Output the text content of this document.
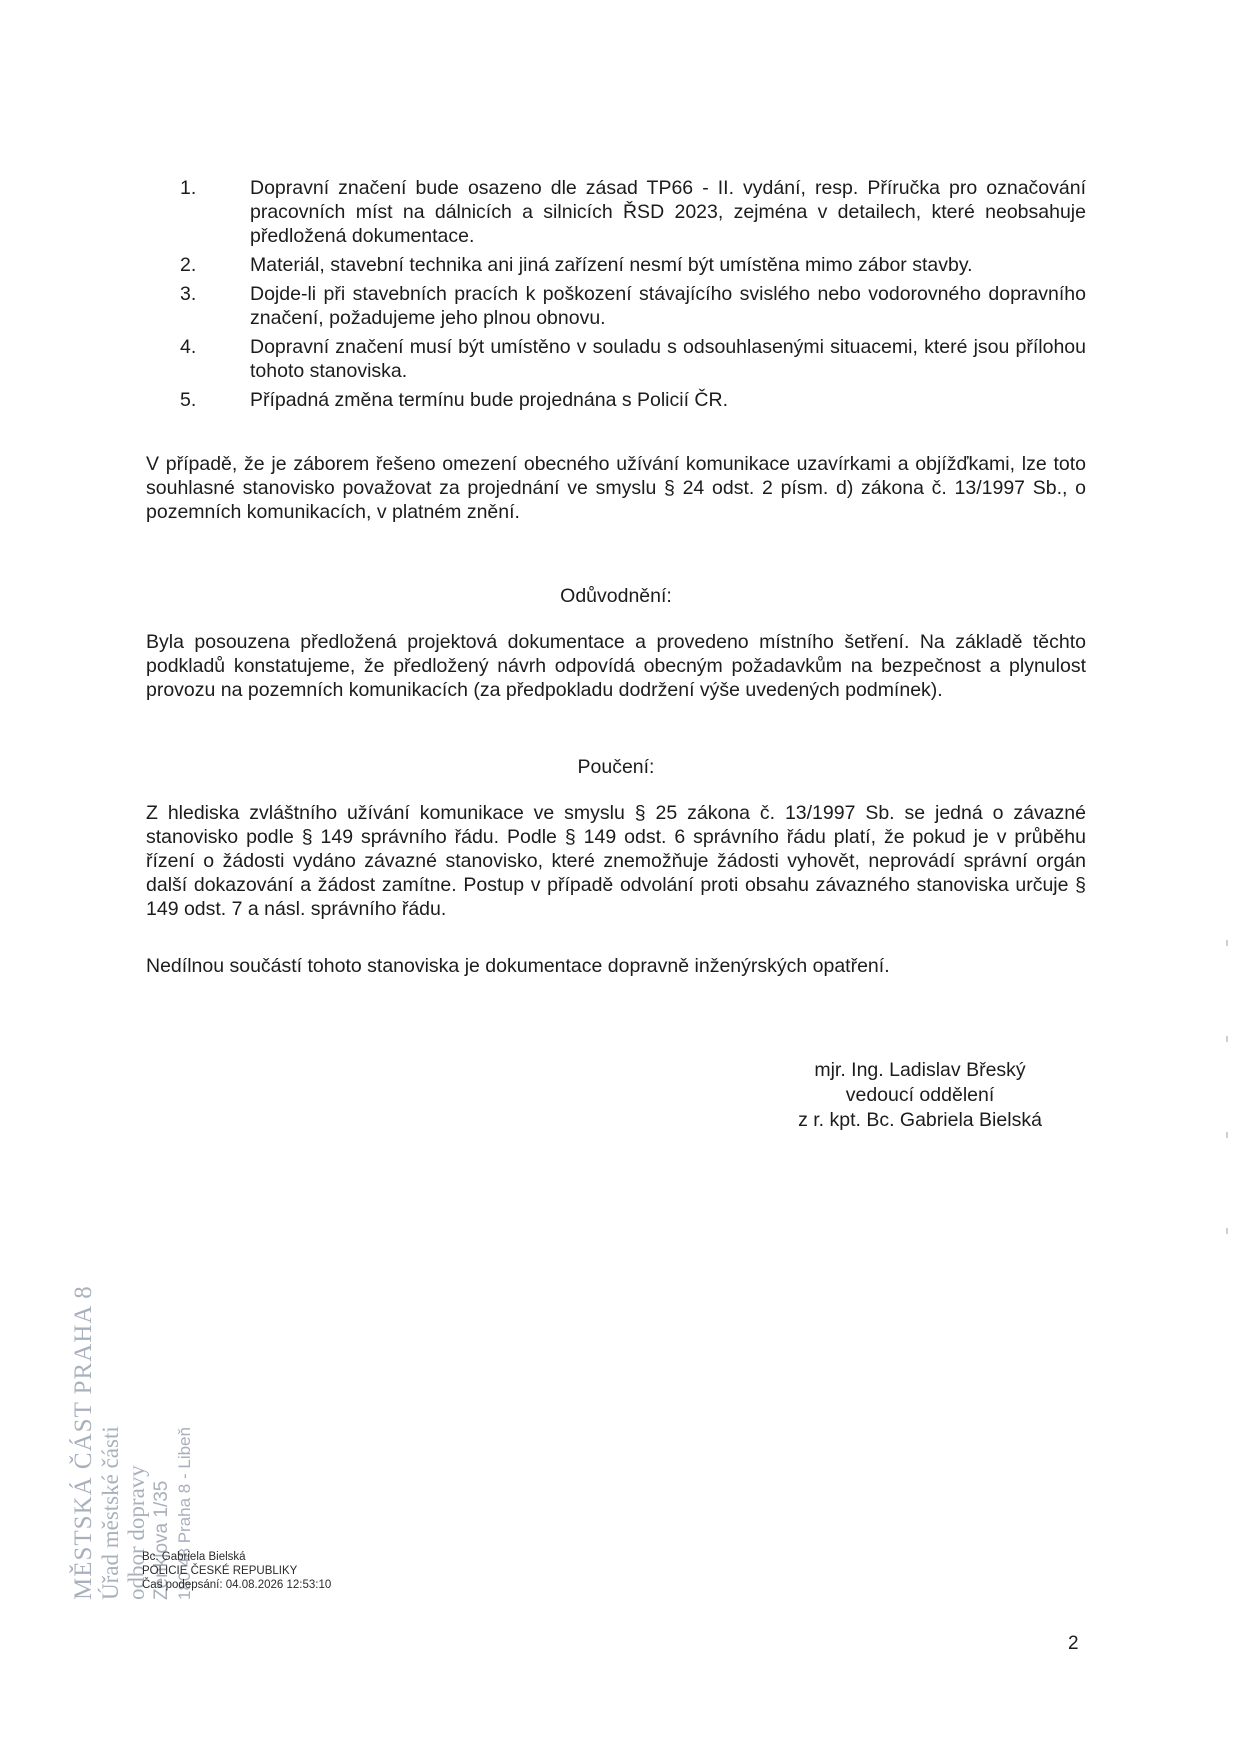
1.	Dopravní značení bude osazeno dle zásad TP66 - II. vydání, resp. Příručka pro označování pracovních míst na dálnicích a silnicích ŘSD 2023, zejména v detailech, které neobsahuje předložená dokumentace.
2.	Materiál, stavební technika ani jiná zařízení nesmí být umístěna mimo zábor stavby.
3.	Dojde-li při stavebních pracích k poškození stávajícího svislého nebo vodorovného dopravního značení, požadujeme jeho plnou obnovu.
4.	Dopravní značení musí být umístěno v souladu s odsouhlasenými situacemi, které jsou přílohou tohoto stanoviska.
5.	Případná změna termínu bude projednána s Policií ČR.

V případě, že je záborem řešeno omezení obecného užívání komunikace uzavírkami a objížďkami, lze toto souhlasné stanovisko považovat za projednání ve smyslu § 24 odst. 2 písm. d) zákona č. 13/1997 Sb., o pozemních komunikacích, v platném znění.

Odůvodnění:

Byla posouzena předložená projektová dokumentace a provedeno místního šetření. Na základě těchto podkladů konstatujeme, že předložený návrh odpovídá obecným požadavkům na bezpečnost a plynulost provozu na pozemních komunikacích (za předpokladu dodržení výše uvedených podmínek).

Poučení:

Z hlediska zvláštního užívání komunikace ve smyslu § 25 zákona č. 13/1997 Sb. se jedná o závazné stanovisko podle § 149 správního řádu. Podle § 149 odst. 6 správního řádu platí, že pokud je v průběhu řízení o žádosti vydáno závazné stanovisko, které znemožňuje žádosti vyhovět, neprovádí správní orgán další dokazování a žádost zamítne. Postup v případě odvolání proti obsahu závazného stanoviska určuje § 149 odst. 7 a násl. správního řádu.

Nedílnou součástí tohoto stanoviska je dokumentace dopravně inženýrských opatření.

mjr. Ing. Ladislav Břeský
vedoucí oddělení
z r. kpt. Bc. Gabriela Bielská
MĚSTSKÁ ČÁST PRAHA 8 Úřad městské části odbor dopravy Zenklova 1/35 180 48 Praha 8 - Libeň
Bc. Gabriela Bielská
POLICIE ČESKÉ REPUBLIKY
Čas podepsání: 04.08.2026 12:53:10
2
